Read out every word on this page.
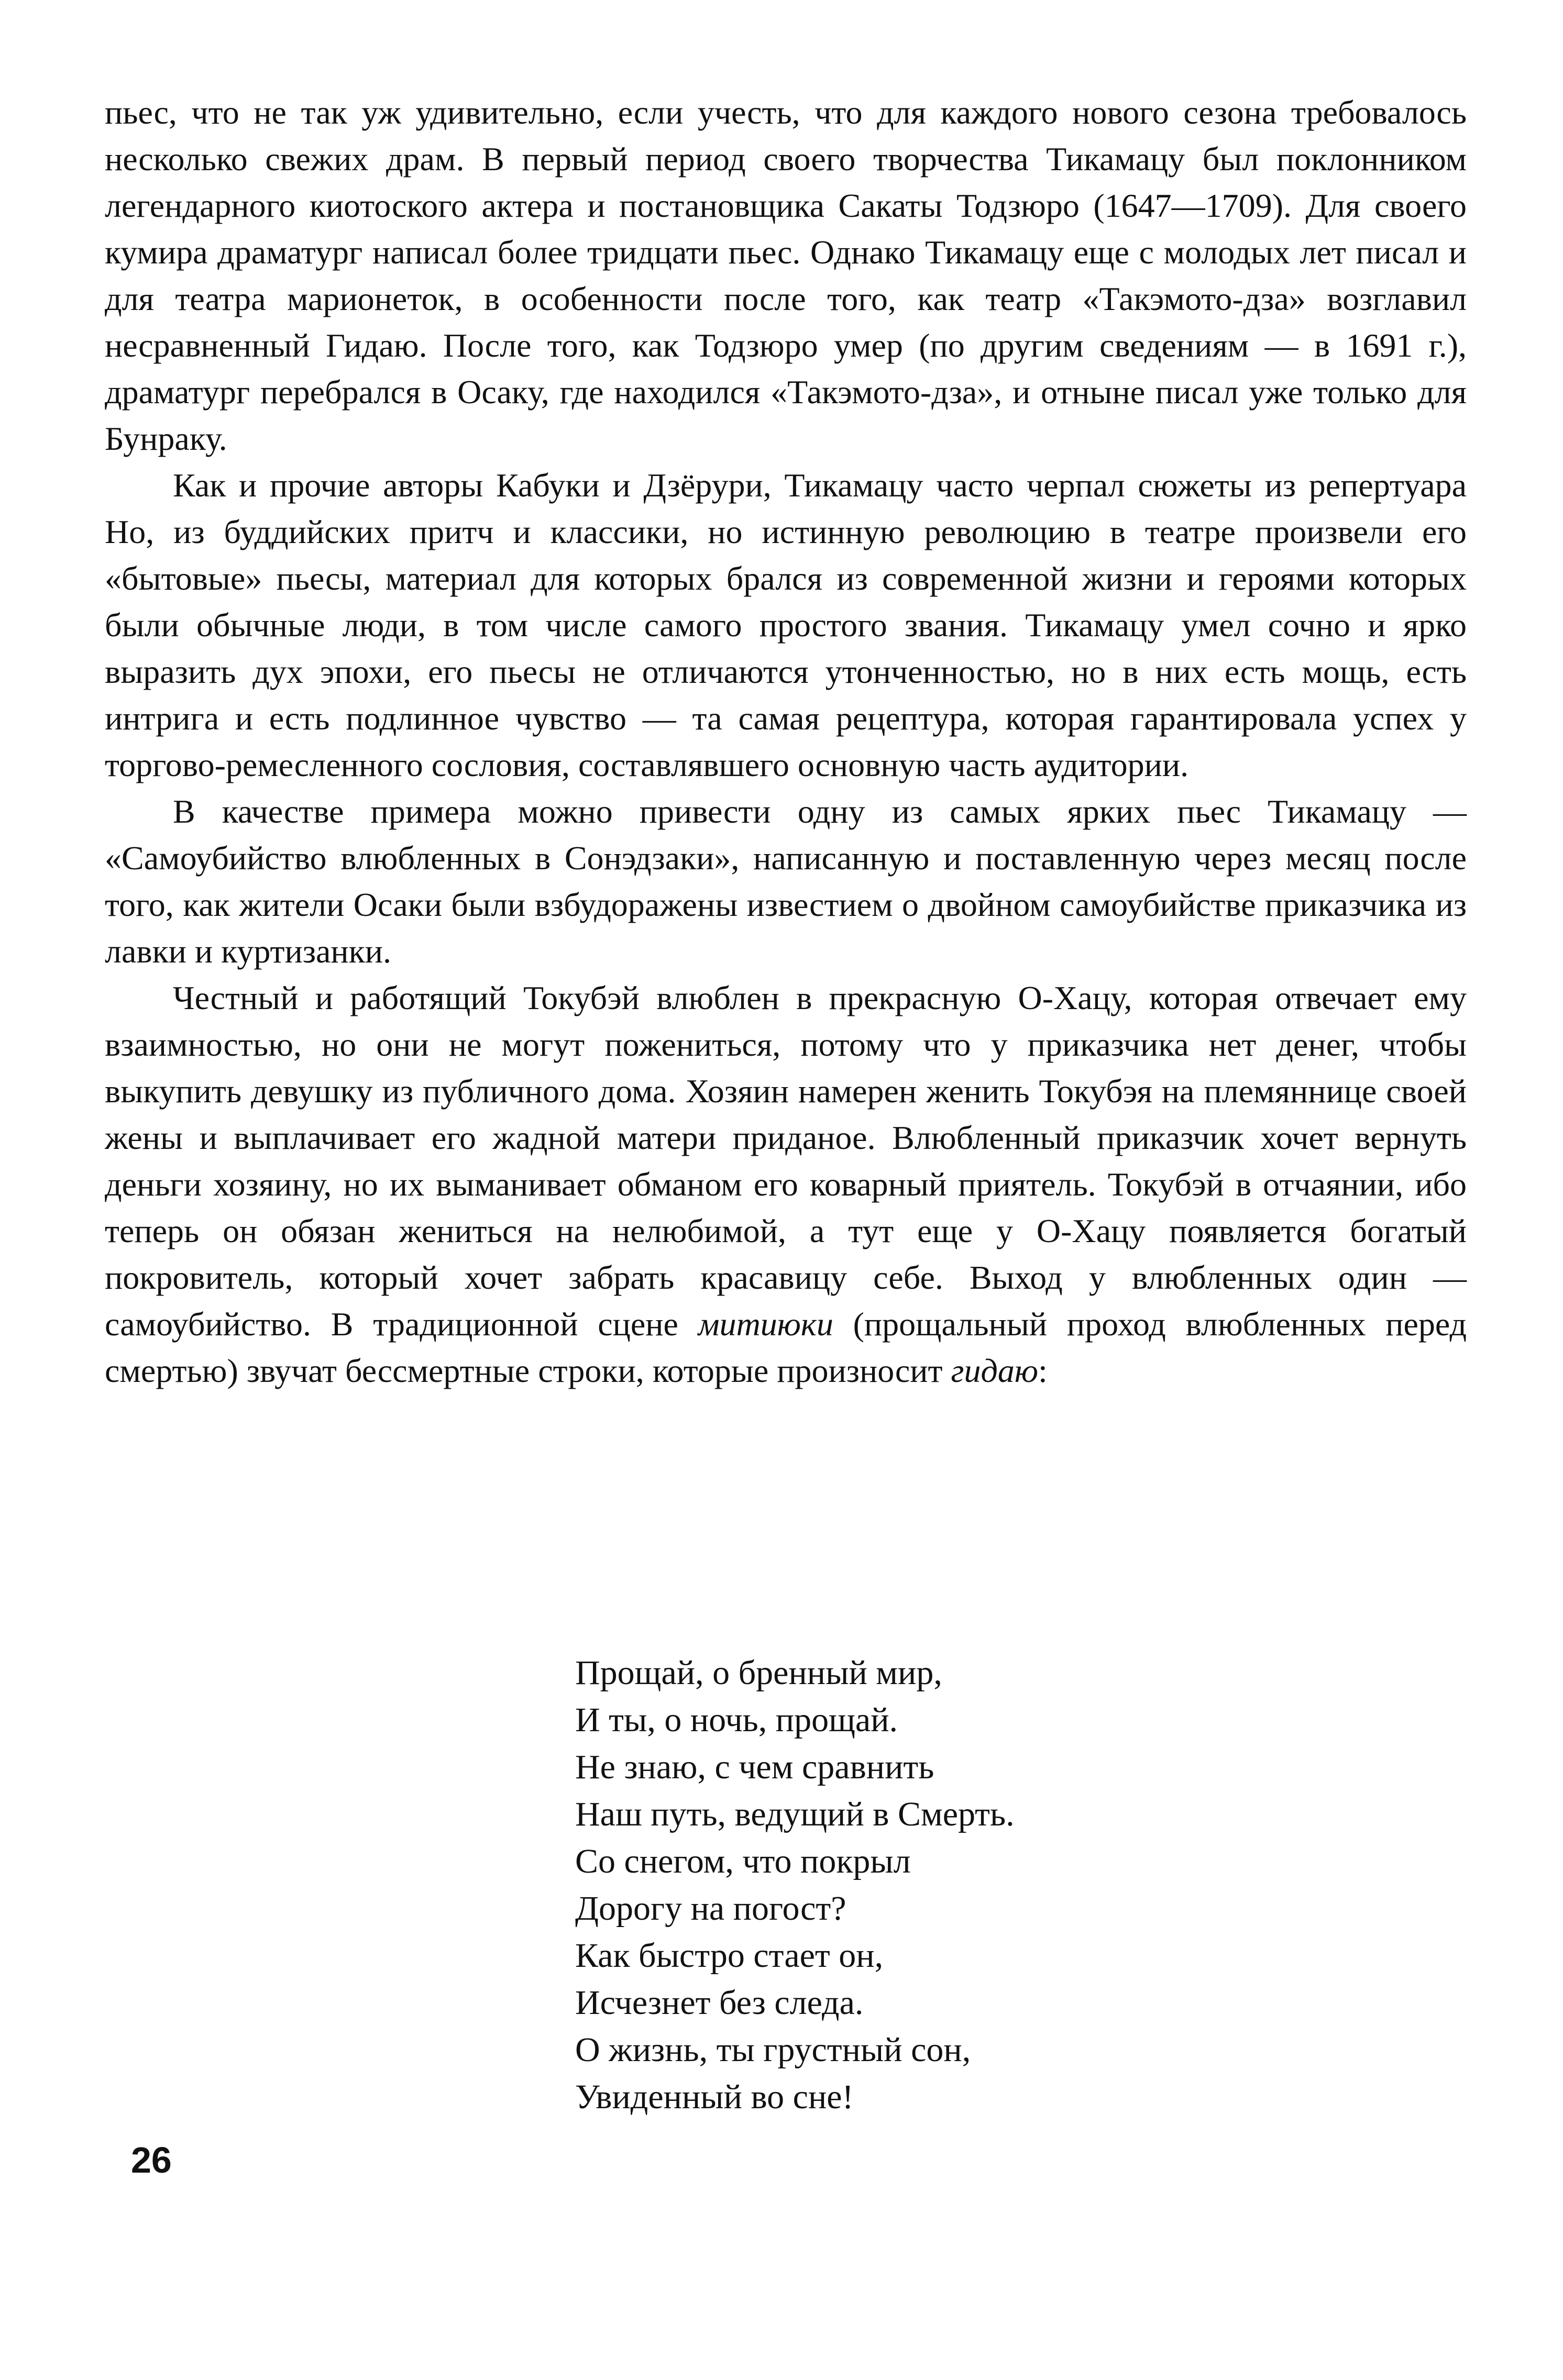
пьес, что не так уж удивительно, если учесть, что для каждого нового сезона требовалось несколько свежих драм. В первый период своего творчества Тикамацу был поклонником легендарного киотоского актера и постановщика Сакаты Тодзюро (1647—1709). Для своего кумира драматург написал более тридцати пьес. Однако Тикамацу еще с молодых лет писал и для театра марионеток, в особенности после того, как театр «Такэмото-дза» возглавил несравненный Гидаю. После того, как Тодзюро умер (по другим сведениям — в 1691 г.), драматург перебрался в Осаку, где находился «Такэмото-дза», и отныне писал уже только для Бунраку.

Как и прочие авторы Кабуки и Дзёрури, Тикамацу часто черпал сюжеты из репертуара Но, из буддийских притч и классики, но истинную революцию в театре произвели его «бытовые» пьесы, материал для которых брался из современной жизни и героями которых были обычные люди, в том числе самого простого звания. Тикамацу умел сочно и ярко выразить дух эпохи, его пьесы не отличаются утонченностью, но в них есть мощь, есть интрига и есть подлинное чувство — та самая рецептура, которая гарантировала успех у торгово-ремесленного сословия, составлявшего основную часть аудитории.

В качестве примера можно привести одну из самых ярких пьес Тикамацу — «Самоубийство влюбленных в Сонэдзаки», написанную и поставленную через месяц после того, как жители Осаки были взбудоражены известием о двойном самоубийстве приказчика из лавки и куртизанки.

Честный и работящий Токубэй влюблен в прекрасную О-Хацу, которая отвечает ему взаимностью, но они не могут пожениться, потому что у приказчика нет денег, чтобы выкупить девушку из публичного дома. Хозяин намерен женить Токубэя на племяннице своей жены и выплачивает его жадной матери приданое. Влюбленный приказчик хочет вернуть деньги хозяину, но их выманивает обманом его коварный приятель. Токубэй в отчаянии, ибо теперь он обязан жениться на нелюбимой, а тут еще у О-Хацу появляется богатый покровитель, который хочет забрать красавицу себе. Выход у влюбленных один — самоубийство. В традиционной сцене митиюки (прощальный проход влюбленных перед смертью) звучат бессмертные строки, которые произносит гидаю:

Прощай, о бренный мир,
И ты, о ночь, прощай.
Не знаю, с чем сравнить
Наш путь, ведущий в Смерть.
Со снегом, что покрыл
Дорогу на погост?
Как быстро стает он,
Исчезнет без следа.
О жизнь, ты грустный сон,
Увиденный во сне!
26
